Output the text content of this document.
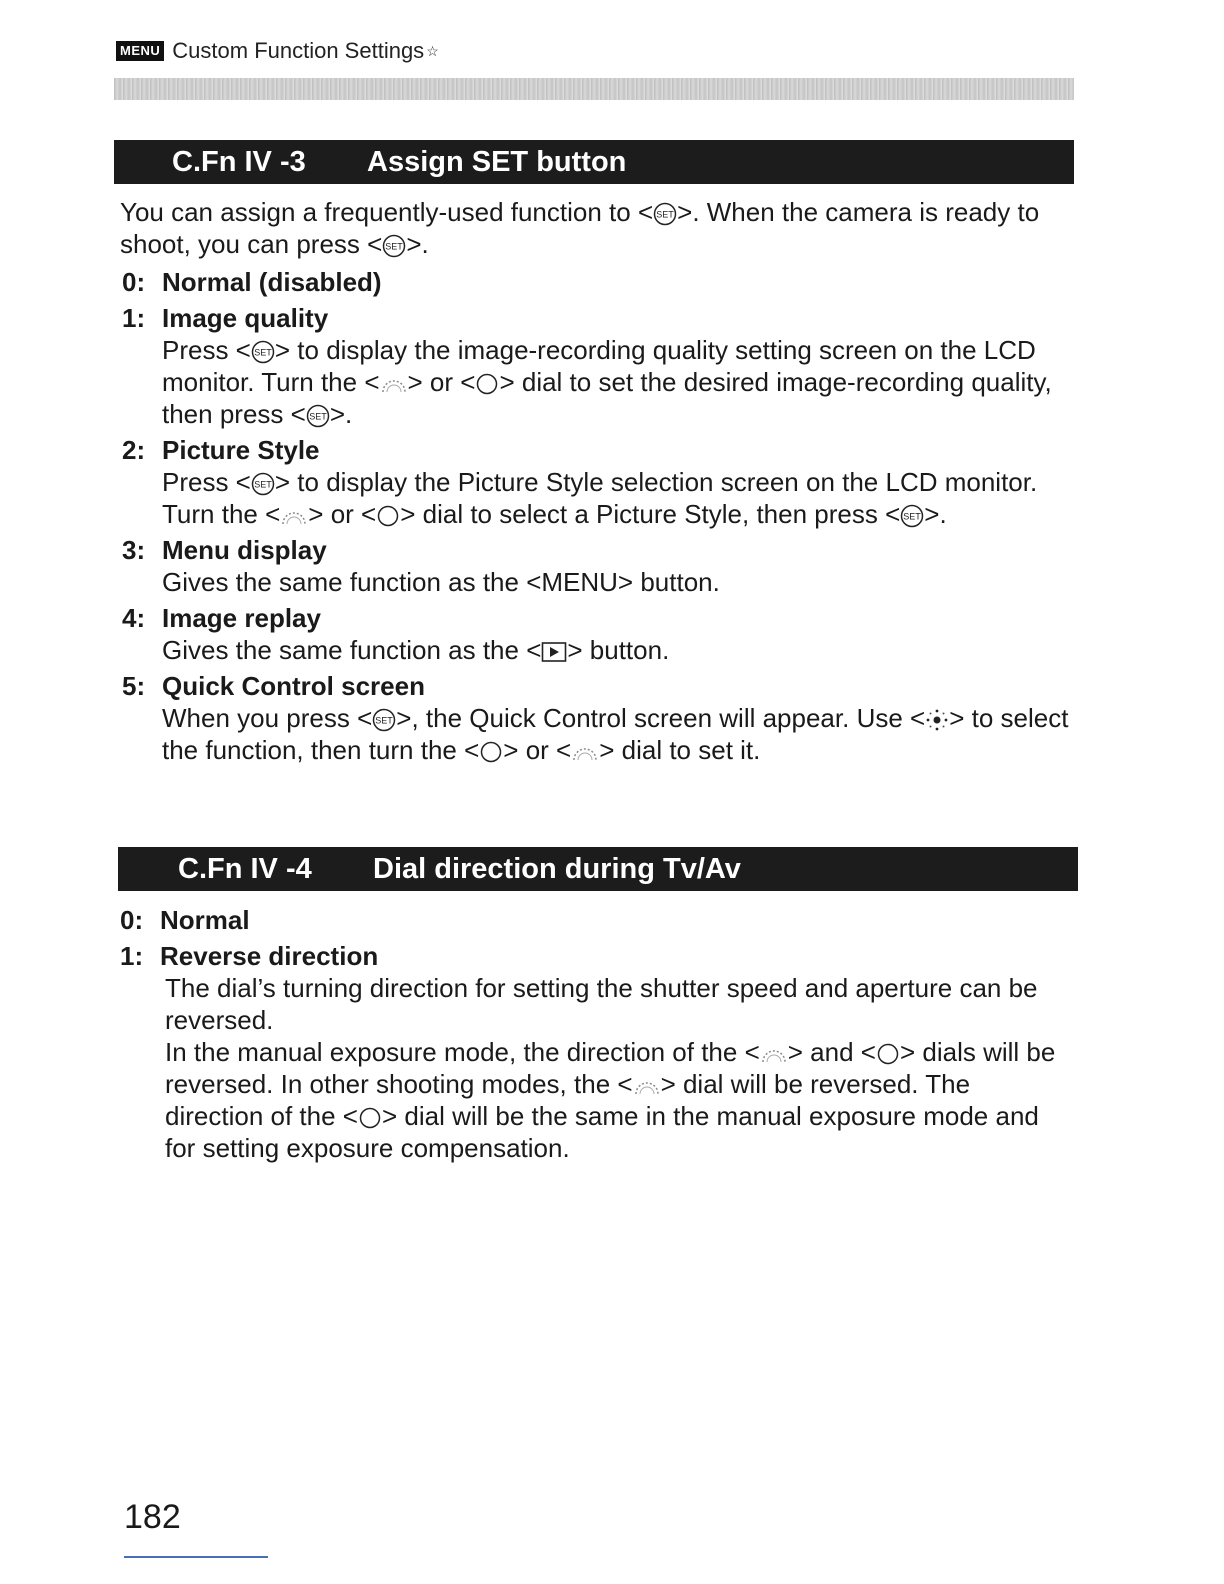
MENU Custom Function Settings ☆
C.Fn IV -3	Assign SET button
You can assign a frequently-used function to < SET >. When the camera is ready to shoot, you can press < SET >.
0: Normal (disabled)
1: Image quality
Press < SET > to display the image-recording quality setting screen on the LCD monitor. Turn the < > or < > dial to set the desired image-recording quality, then press < SET >.
2: Picture Style
Press < SET > to display the Picture Style selection screen on the LCD monitor. Turn the < > or < > dial to select a Picture Style, then press < SET >.
3: Menu display
Gives the same function as the <MENU> button.
4: Image replay
Gives the same function as the < > button.
5: Quick Control screen
When you press < SET >, the Quick Control screen will appear. Use < > to select the function, then turn the < > or < > dial to set it.
C.Fn IV -4	Dial direction during Tv/Av
0: Normal
1: Reverse direction
The dial’s turning direction for setting the shutter speed and aperture can be reversed.
In the manual exposure mode, the direction of the < > and < > dials will be reversed. In other shooting modes, the < > dial will be reversed. The direction of the < > dial will be the same in the manual exposure mode and for setting exposure compensation.
182
